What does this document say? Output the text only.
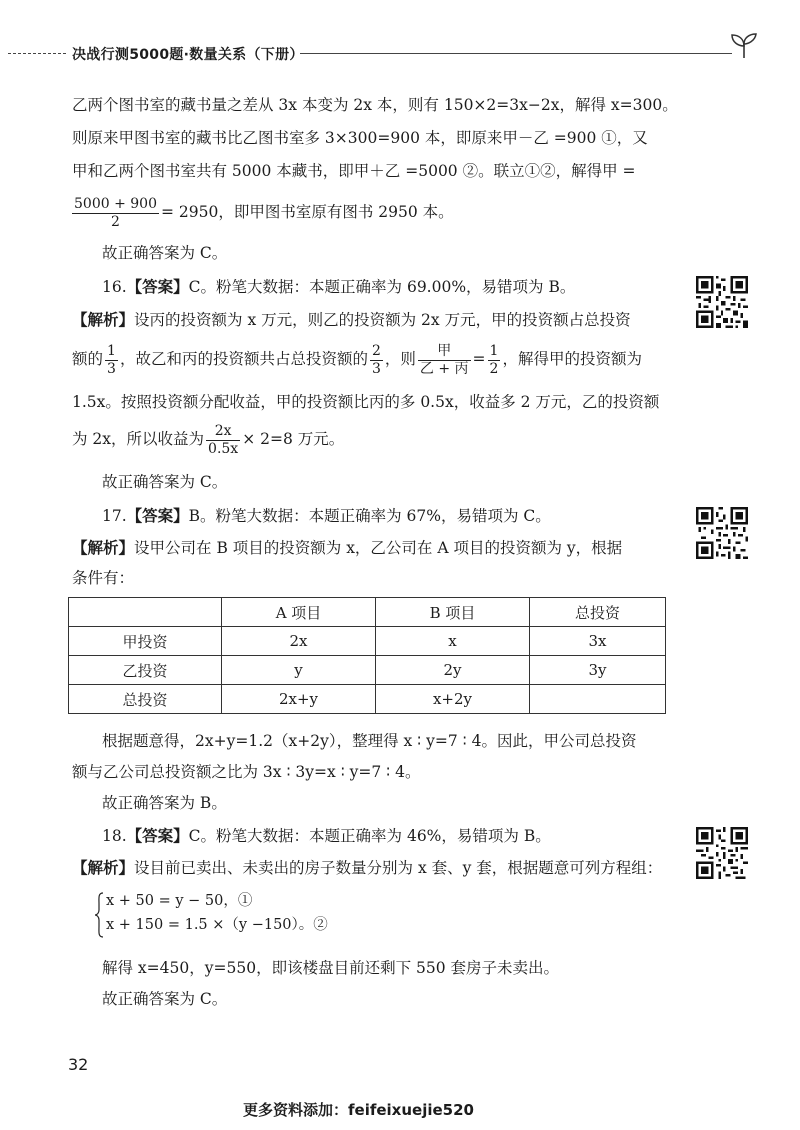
决战行测5000题·数量关系（下册）
乙两个图书室的藏书量之差从 3x 本变为 2x 本，则有 150×2=3x−2x，解得 x=300。
则原来甲图书室的藏书比乙图书室多 3×300=900 本，即原来甲－乙 =900 ①，又
甲和乙两个图书室共有 5000 本藏书，即甲＋乙 =5000 ②。联立①②，解得甲 =
$\frac{5000 + 900}{2} = 2950$，即甲图书室原有图书 2950 本。
故正确答案为 C。
16.【答案】C。粉笔大数据：本题正确率为 69.00%，易错项为 B。
【解析】设丙的投资额为 x 万元，则乙的投资额为 2x 万元，甲的投资额占总投资
额的 $\frac{1}{3}$ ，故乙和丙的投资额共占总投资额的 $\frac{2}{3}$ ，则 $\frac{\text{甲}}{\text{乙 + 丙}} = \frac{1}{2}$ ，解得甲的投资额为
1.5x。按照投资额分配收益，甲的投资额比丙的多 0.5x，收益多 2 万元，乙的投资额
为 2x，所以收益为 $\frac{2x}{0.5x} \times 2=8$ 万元。
故正确答案为 C。
17.【答案】B。粉笔大数据：本题正确率为 67%，易错项为 C。
【解析】设甲公司在 B 项目的投资额为 x，乙公司在 A 项目的投资额为 y，根据
条件有：
	A 项目	B 项目	总投资
甲投资	2x	x	3x
乙投资	y	2y	3y
总投资	2x+y	x+2y	
根据题意得，2x+y=1.2（x+2y），整理得 x ∶ y=7 ∶ 4。因此，甲公司总投资
额与乙公司总投资额之比为 3x ∶ 3y=x ∶ y=7 ∶ 4。
故正确答案为 B。
18.【答案】C。粉笔大数据：本题正确率为 46%，易错项为 B。
【解析】设目前已卖出、未卖出的房子数量分别为 x 套、y 套，根据题意可列方程组：
x + 50 = y − 50，①
x + 150 = 1.5 ×（y −150）。②
解得 x=450，y=550，即该楼盘目前还剩下 550 套房子未卖出。
故正确答案为 C。
32
更多资料添加：feifeixuejie520
